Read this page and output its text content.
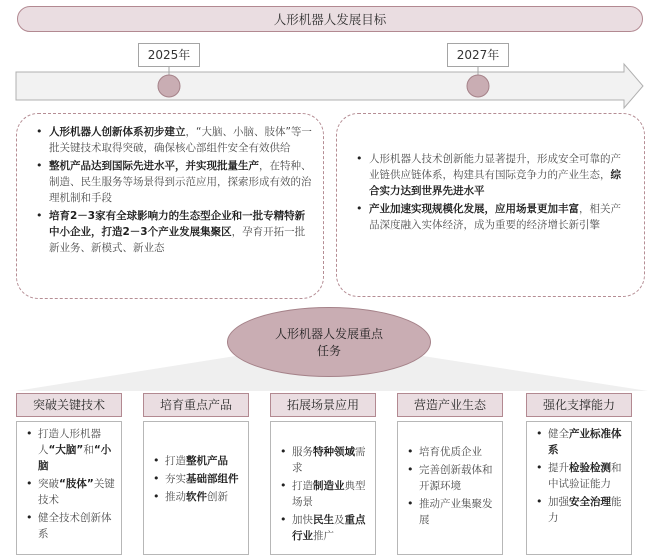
人形机器人发展目标
2025年	2027年
• 人形机器人创新体系初步建立，“大脑、小脑、肢体”等一批关键技术取得突破，确保核心部组件安全有效供给
• 整机产品达到国际先进水平，并实现批量生产，在特种、制造、民生服务等场景得到示范应用，探索形成有效的治理机制和手段
• 培育2－3家有全球影响力的生态型企业和一批专精特新中小企业，打造2－3个产业发展集聚区，孕育开拓一批新业务、新模式、新业态
• 人形机器人技术创新能力显著提升，形成安全可靠的产业链供应链体系，构建具有国际竞争力的产业生态，综合实力达到世界先进水平
• 产业加速实现规模化发展，应用场景更加丰富，相关产品深度融入实体经济，成为重要的经济增长新引擎
人形机器人发展重点任务
突破关键技术
• 打造人形机器人“大脑”和“小脑
• 突破“肢体”关键技术
• 健全技术创新体系
培育重点产品
• 打造整机产品
• 夯实基础部组件
• 推动软件创新
拓展场景应用
• 服务特种领域需求
• 打造制造业典型场景
• 加快民生及重点行业推广
营造产业生态
• 培育优质企业
• 完善创新载体和开源环境
• 推动产业集聚发展
强化支撑能力
• 健全产业标准体系
• 提升检验检测和中试验证能力
• 加强安全治理能力
